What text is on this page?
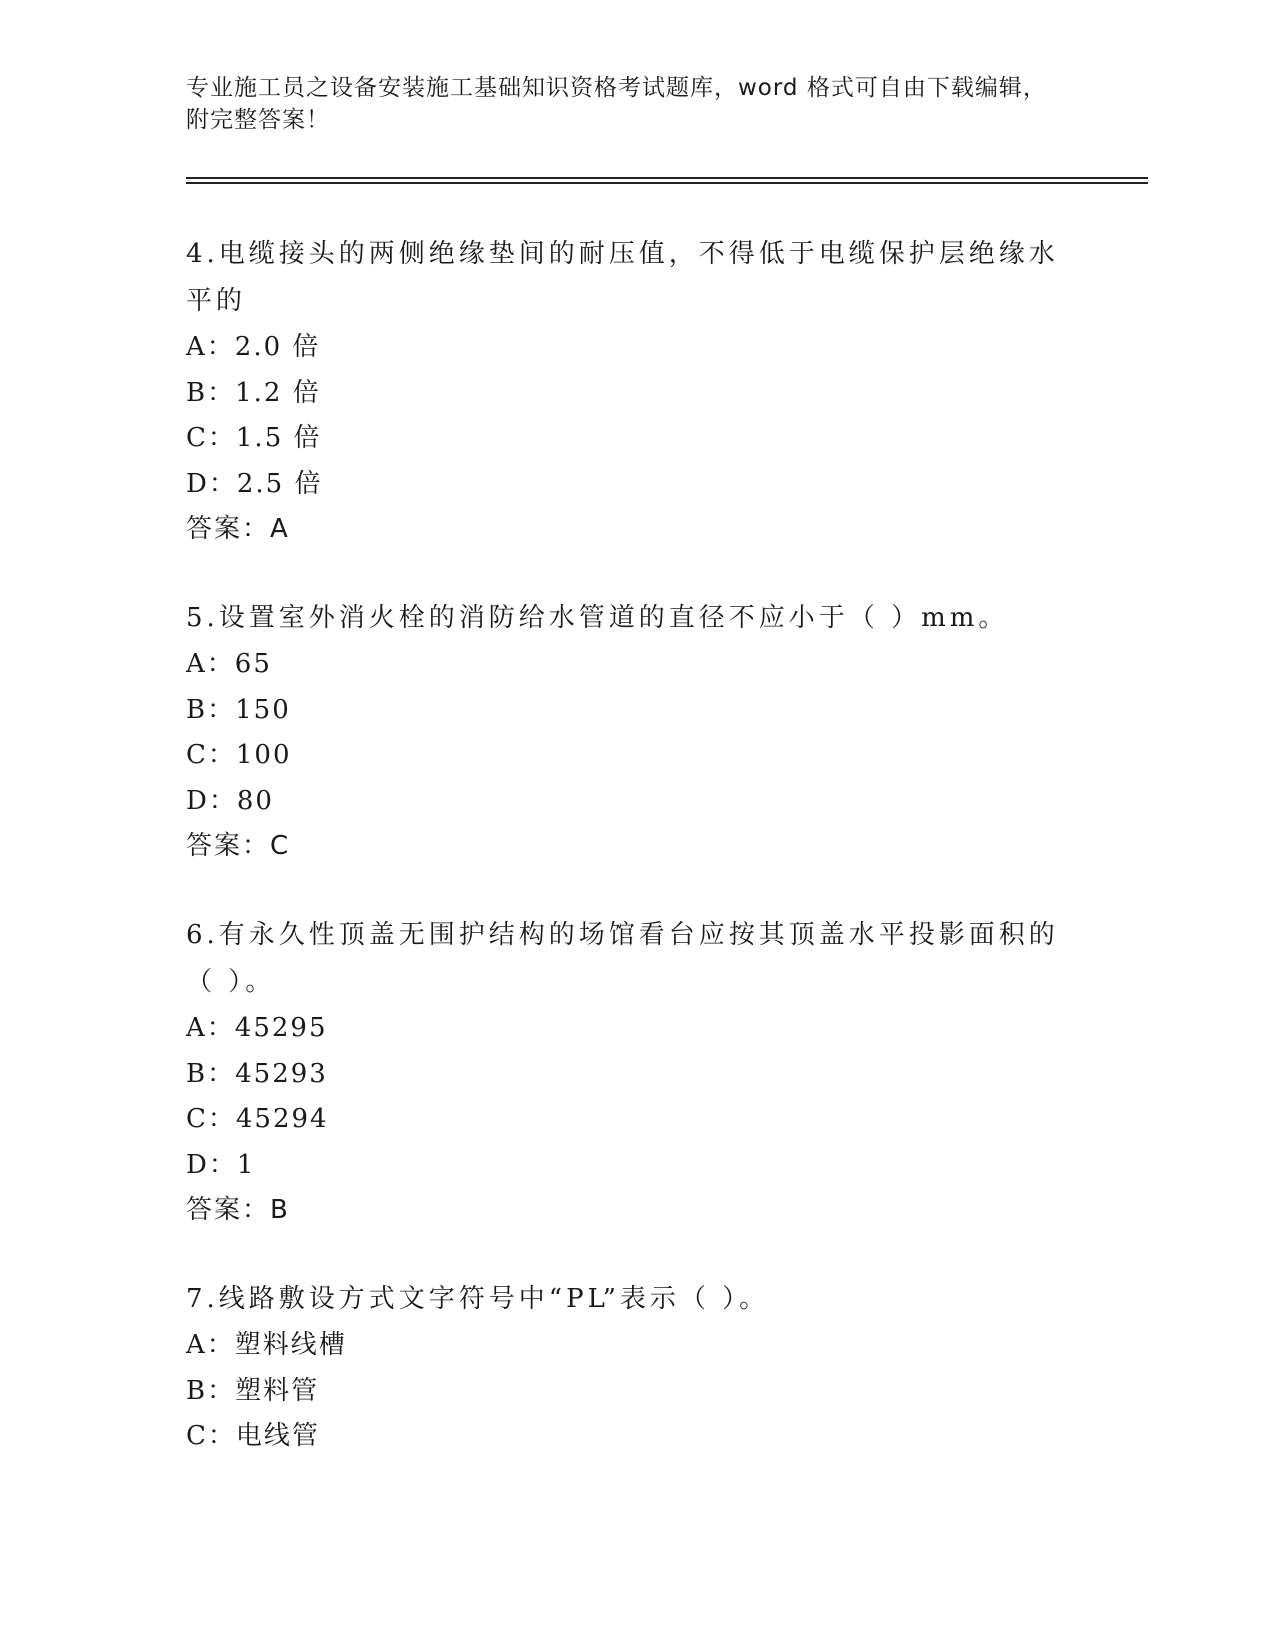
专业施工员之设备安装施工基础知识资格考试题库，word 格式可自由下载编辑，
附完整答案！

4.电缆接头的两侧绝缘垫间的耐压值，不得低于电缆保护层绝缘水平的

A：2.0 倍

B：1.2 倍

C：1.5 倍

D：2.5 倍

答案：A

5.设置室外消火栓的消防给水管道的直径不应小于（ ）mm。

A：65

B：150

C：100

D：80

答案：C

6.有永久性顶盖无围护结构的场馆看台应按其顶盖水平投影面积的（ ）。

A：45295

B：45293

C：45294

D：1

答案：B

7.线路敷设方式文字符号中“PL”表示（ ）。

A：塑料线槽

B：塑料管

C：电线管
